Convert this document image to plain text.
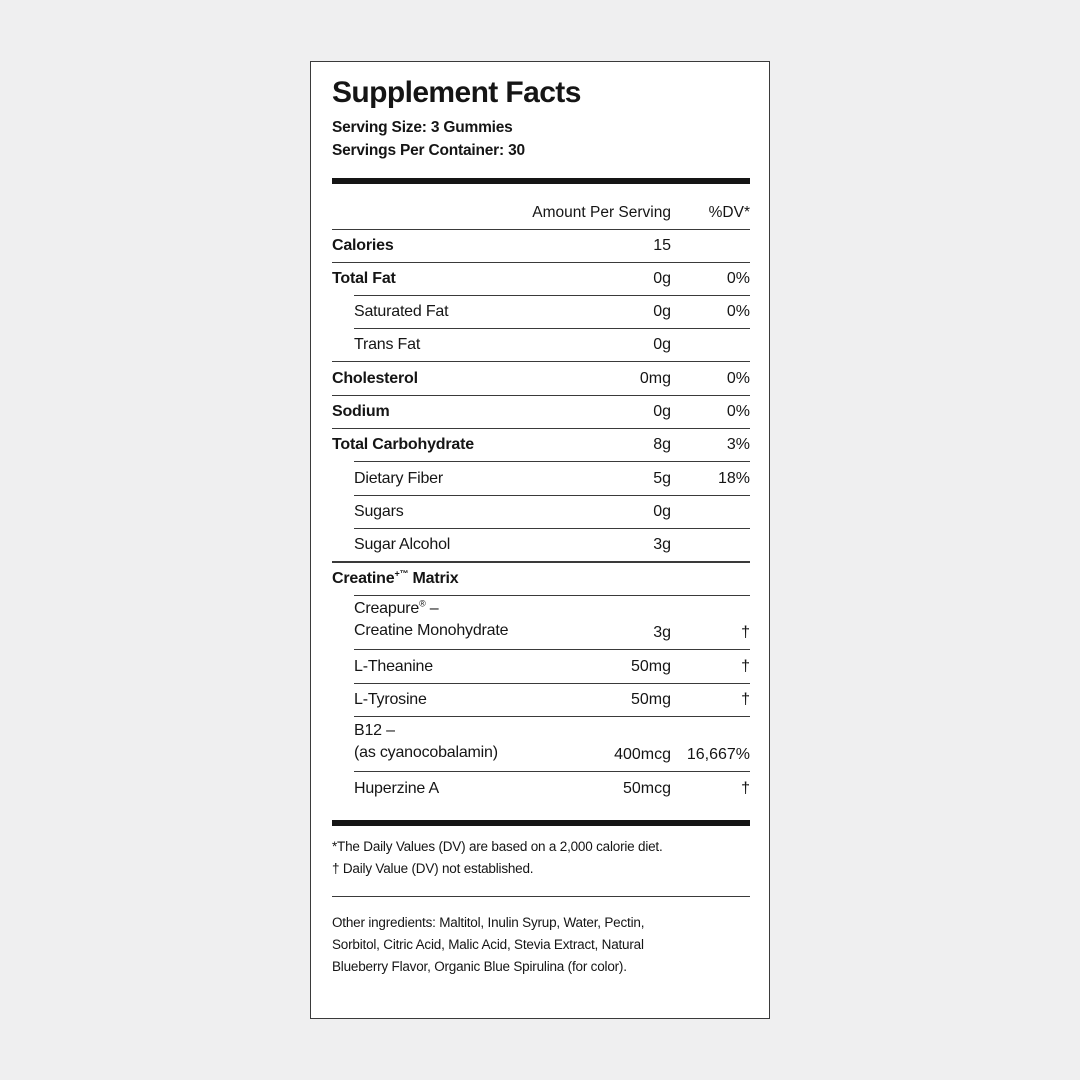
Supplement Facts
Serving Size: 3 Gummies
Servings Per Container: 30
Amount Per Serving %DV*
Calories	15
Total Fat	0g	0%
Saturated Fat	0g	0%
Trans Fat	0g
Cholesterol	0mg	0%
Sodium	0g	0%
Total Carbohydrate	8g	3%
Dietary Fiber	5g	18%
Sugars	0g
Sugar Alcohol	3g
Creatine+™ Matrix
Creapure® –
Creatine Monohydrate	3g	†
L-Theanine	50mg	†
L-Tyrosine	50mg	†
B12 –
(as cyanocobalamin)	400mcg 16,667%
Huperzine A	50mcg	†
*The Daily Values (DV) are based on a 2,000 calorie diet.
† Daily Value (DV) not established.
Other ingredients: Maltitol, Inulin Syrup, Water, Pectin,
Sorbitol, Citric Acid, Malic Acid, Stevia Extract, Natural
Blueberry Flavor, Organic Blue Spirulina (for color).
